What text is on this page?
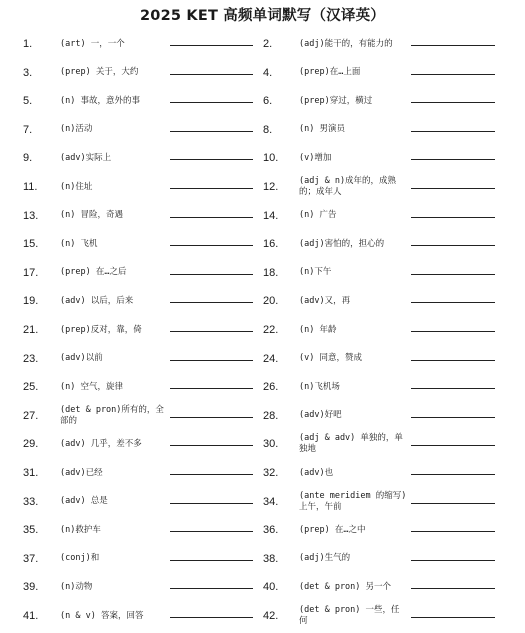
2025 KET 高频单词默写（汉译英）
1.	(art) 一，一个	2.	(adj)能干的，有能力的
3.	(prep) 关于，大约	4.	(prep)在…上面
5.	(n) 事故，意外的事	6.	(prep)穿过，横过
7.	(n)活动	8.	(n) 男演员
9.	(adv)实际上	10.	(v)增加
11.	(n)住址	12.	(adj & n)成年的，成熟的；成年人
13.	(n) 冒险，奇遇	14.	(n) 广告
15.	(n) 飞机	16.	(adj)害怕的，担心的
17.	(prep) 在…之后	18.	(n)下午
19.	(adv) 以后，后来	20.	(adv)又，再
21.	(prep)反对，靠，倚	22.	(n) 年龄
23.	(adv)以前	24.	(v) 同意，赞成
25.	(n) 空气，旋律	26.	(n)飞机场
27.	(det & pron)所有的，全部的	28.	(adv)好吧
29.	(adv) 几乎，差不多	30.	(adj & adv) 单独的，单独地
31.	(adv)已经	32.	(adv)也
33.	(adv) 总是	34.	(ante meridiem 的缩写)上午，午前
35.	(n)救护车	36.	(prep) 在…之中
37.	(conj)和	38.	(adj)生气的
39.	(n)动物	40.	(det & pron) 另一个
41.	(n & v) 答案，回答	42.	(det & pron) 一些，任何
